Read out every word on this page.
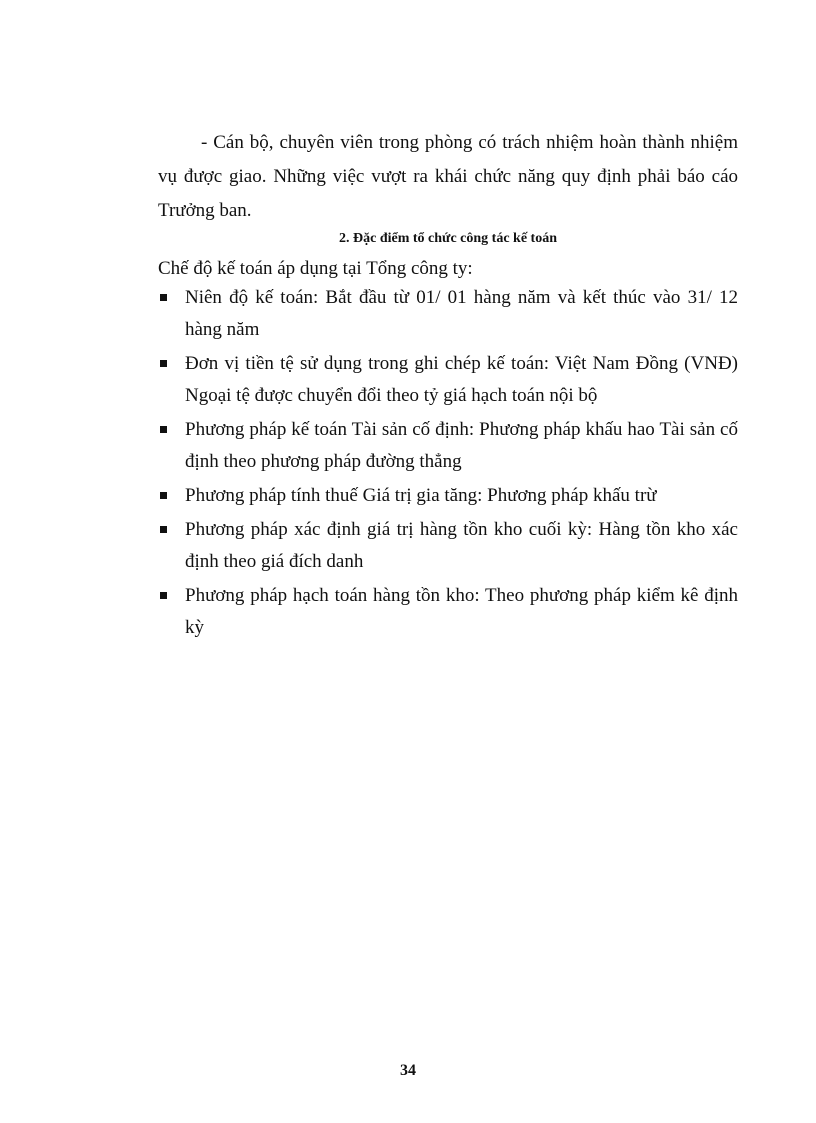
- Cán bộ, chuyên viên trong phòng có trách nhiệm hoàn thành nhiệm vụ được giao. Những việc vượt ra khái chức năng quy định phải báo cáo Trưởng ban.

2. Đặc điểm tổ chức công tác kế toán
Chế độ kế toán áp dụng tại Tổng công ty:
Niên độ kế toán: Bắt đầu từ 01/ 01 hàng năm và kết thúc vào 31/ 12 hàng năm
Đơn vị tiền tệ sử dụng trong ghi chép kế toán: Việt Nam Đồng (VNĐ) Ngoại tệ được chuyển đổi theo tỷ giá hạch toán nội bộ
Phương pháp kế toán Tài sản cố định: Phương pháp khấu hao Tài sản cố định theo phương pháp đường thẳng
Phương pháp tính thuế Giá trị gia tăng: Phương pháp khấu trừ
Phương pháp xác định giá trị hàng tồn kho cuối kỳ: Hàng tồn kho xác định theo giá đích danh
Phương pháp hạch toán hàng tồn kho: Theo phương pháp kiểm kê định kỳ
34
